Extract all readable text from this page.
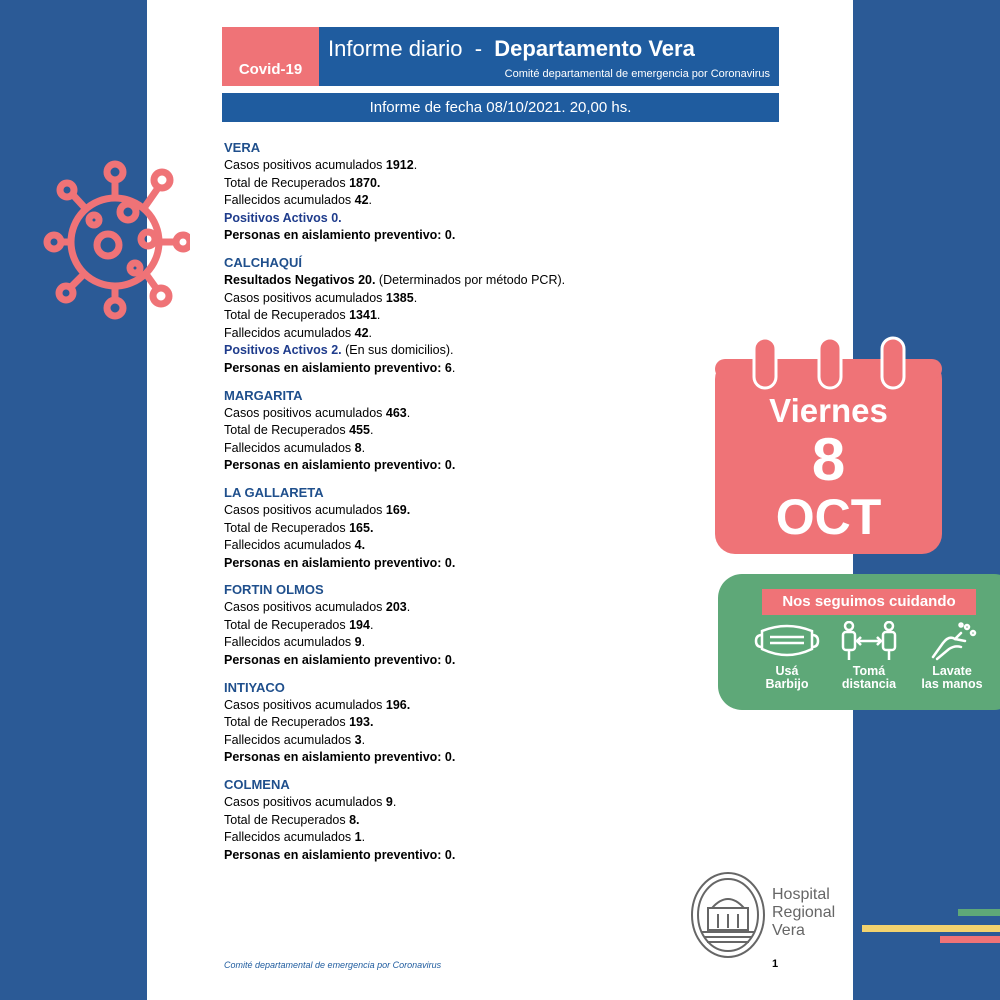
Covid-19
Informe diario  -  Departamento Vera
Comité departamental de emergencia por Coronavirus
Informe de fecha 08/10/2021. 20,00 hs.
VERA
Casos positivos acumulados 1912.
Total de Recuperados 1870.
Fallecidos acumulados 42.
Positivos Activos 0.
Personas en aislamiento preventivo: 0.
CALCHAQUÍ
Resultados Negativos 20. (Determinados por método PCR).
Casos positivos acumulados 1385.
Total de Recuperados 1341.
Fallecidos acumulados 42.
Positivos Activos 2. (En sus domicilios).
Personas en aislamiento preventivo: 6.
MARGARITA
Casos positivos acumulados 463.
Total de Recuperados 455.
Fallecidos acumulados 8.
Personas en aislamiento preventivo: 0.
LA GALLARETA
Casos positivos acumulados 169.
Total de Recuperados 165.
Fallecidos acumulados 4.
Personas en aislamiento preventivo: 0.
FORTIN OLMOS
Casos positivos acumulados 203.
Total de Recuperados 194.
Fallecidos acumulados 9.
Personas en aislamiento preventivo: 0.
INTIYACO
Casos positivos acumulados 196.
Total de Recuperados 193.
Fallecidos acumulados 3.
Personas en aislamiento preventivo: 0.
COLMENA
Casos positivos acumulados 9.
Total de Recuperados 8.
Fallecidos acumulados 1.
Personas en aislamiento preventivo: 0.
Viernes
8
OCT
Nos seguimos cuidando
Usá
Barbijo
Tomá
distancia
Lavate
las manos
Hospital
Regional
Vera
Comité departamental de emergencia por Coronavirus	1
